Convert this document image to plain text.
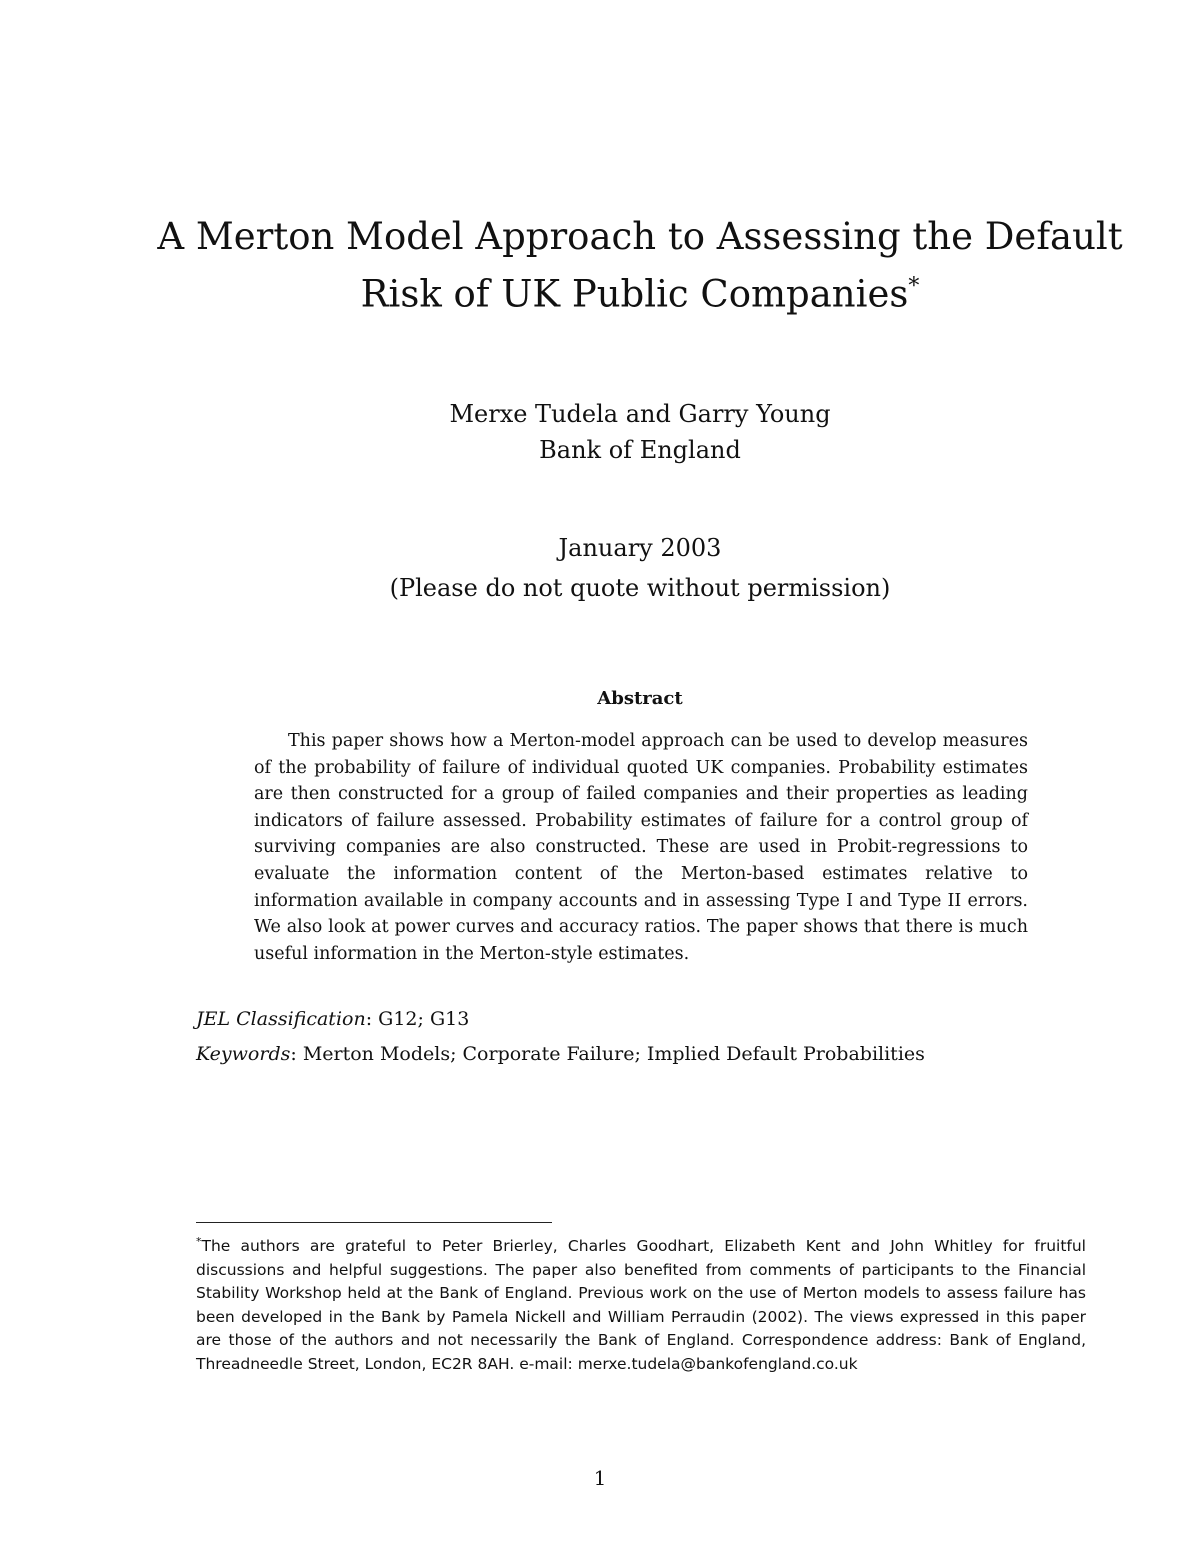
A Merton Model Approach to Assessing the Default
Risk of UK Public Companies*
Merxe Tudela and Garry Young
Bank of England
January 2003
(Please do not quote without permission)
Abstract
This paper shows how a Merton-model approach can be used to develop measures of the probability of failure of individual quoted UK companies. Probability estimates are then constructed for a group of failed companies and their properties as leading indicators of failure assessed. Probability estimates of failure for a control group of surviving companies are also constructed. These are used in Probit-regressions to evaluate the information content of the Merton-based estimates relative to information available in company accounts and in assessing Type I and Type II errors. We also look at power curves and accuracy ratios. The paper shows that there is much useful information in the Merton-style estimates.
JEL Classification: G12; G13
Keywords: Merton Models; Corporate Failure; Implied Default Probabilities
*The authors are grateful to Peter Brierley, Charles Goodhart, Elizabeth Kent and John Whitley for fruitful discussions and helpful suggestions. The paper also benefited from comments of participants to the Financial Stability Workshop held at the Bank of England. Previous work on the use of Merton models to assess failure has been developed in the Bank by Pamela Nickell and William Perraudin (2002). The views expressed in this paper are those of the authors and not necessarily the Bank of England. Correspondence address: Bank of England, Threadneedle Street, London, EC2R 8AH. e-mail: merxe.tudela@bankofengland.co.uk
1
